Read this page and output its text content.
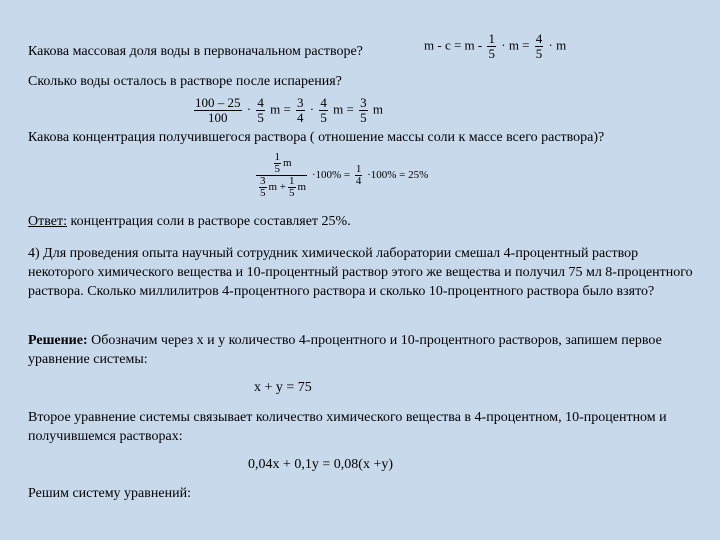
Какова массовая доля воды в первоначальном растворе?	$m - c = m - \frac{1}{5} \cdot m = \frac{4}{5} \cdot m$
Сколько воды осталось в растворе после испарения?
$\frac{100 - 25}{100} \cdot \frac{4}{5}$ $m = \frac{3}{4} \cdot \frac{4}{5}$ $m = \frac{3}{5}$ m
Какова концентрация получившегося раствора ( отношение массы соли к массе всего раствора)?
$\frac{\frac{1}{5} m}{\frac{3}{5} m + \frac{1}{5} m} \cdot 100\% = \frac{1}{4} \cdot 100\% = 25\%$
Ответ: концентрация соли в растворе составляет 25%.
4) Для проведения опыта научный сотрудник химической лаборатории смешал 4-процентный раствор некоторого химического вещества и 10-процентный раствор этого же вещества и получил 75 мл 8-процентного раствора. Сколько миллилитров 4-процентного раствора и сколько 10-процентного раствора было взято?
Решение: Обозначим через x и y количество 4-процентного и 10-процентного растворов, запишем первое уравнение системы:
x + y = 75
Второе уравнение системы связывает количество химического вещества в 4-процентном, 10-процентном и получившемся растворах:
0,04x + 0,1y = 0,08(x +y)
Решим систему уравнений:
